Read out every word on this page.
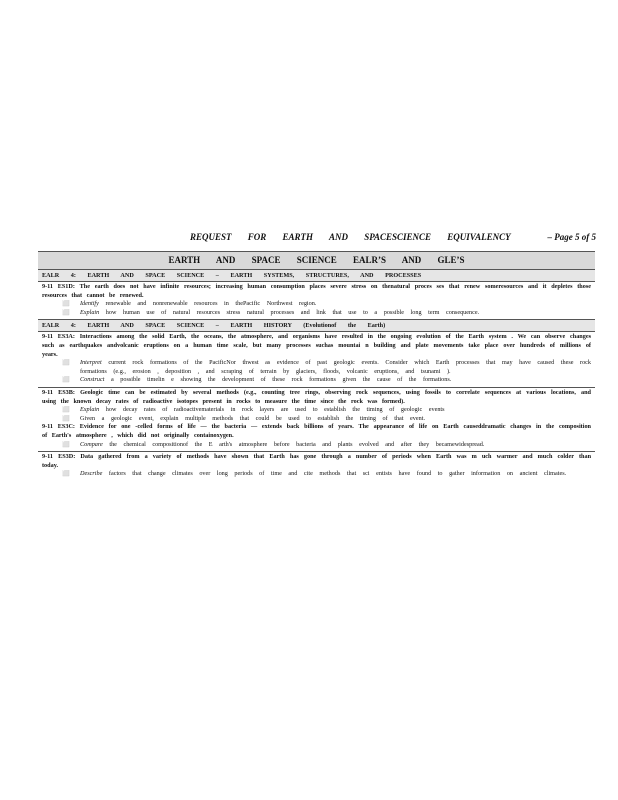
REQUEST FOR EARTH AND SPACESCIENCE EQUIVALENCY	– Page 5 of 5
EARTH AND SPACE SCIENCE EALR’S AND GLE’S
EALR 4: EARTH AND SPACE SCIENCE – EARTH SYSTEMS, STRUCTURES, AND PROCESSES
9-11 ES1D: The earth does not have infinite resources; increasing human consumption places severe stress on thenatural proces ses that renew someresources and it depletes those resources that cannot be renewed.
⬜ Identify renewable and nonrenewable resources in thePacific Northwest region.
⬜ Explain how human use of natural resources stress natural processes and link that use to a possible long term consequence.
EALR 4: EARTH AND SPACE SCIENCE – EARTH HISTORY (Evolutionof the Earth)
9-11 ES3A: Interactions among the solid Earth, the oceans, the atmosphere, and organisms have resulted in the ongoing evolution of the Earth system . We can observe changes such as earthquakes andvolcanic eruptions on a human time scale, but many processes suchas mountai n building and plate movements take place over hundreds of millions of years.
⬜ Interpret current rock formations of the PacificNor thwest as evidence of past geologic events. Consider which Earth processes that may have caused these rock formations (e.g., erosion , deposition , and scraping of terrain by glaciers, floods, volcanic eruptions, and tsunami ).
⬜ Construct a possible timelin e showing the development of these rock formations given the cause of the formations.
9-11 ES3B: Geologic time can be estimated by several methods (e.g., counting tree rings, observing rock sequences, using fossils to correlate sequences at various locations, and using the known decay rates of radioactive isotopes present in rocks to measure the time since the rock was formed).
⬜ Explain how decay rates of radioactivematerials in rock layers are used to establish the timing of geologic events
⬜ Given a geologic event, explain multiple methods that could be used to establish the timing of that event.
9-11 ES3C: Evidence for one -celled forms of life — the bacteria — extends back billions of years. The appearance of life on Earth causeddramatic changes in the composition of Earth's atmosphere , which did not originally containoxygen.
⬜ Compare the chemical compositionof the E arth's atmosphere before bacteria and plants evolved and after they becamewidespread.
9-11 ES3D: Data gathered from a variety of methods have shown that Earth has gone through a number of periods when Earth was m uch warmer and much colder than today.
⬜ Describe factors that change climates over long periods of time and cite methods that sci entists have found to gather information on ancient climates.
